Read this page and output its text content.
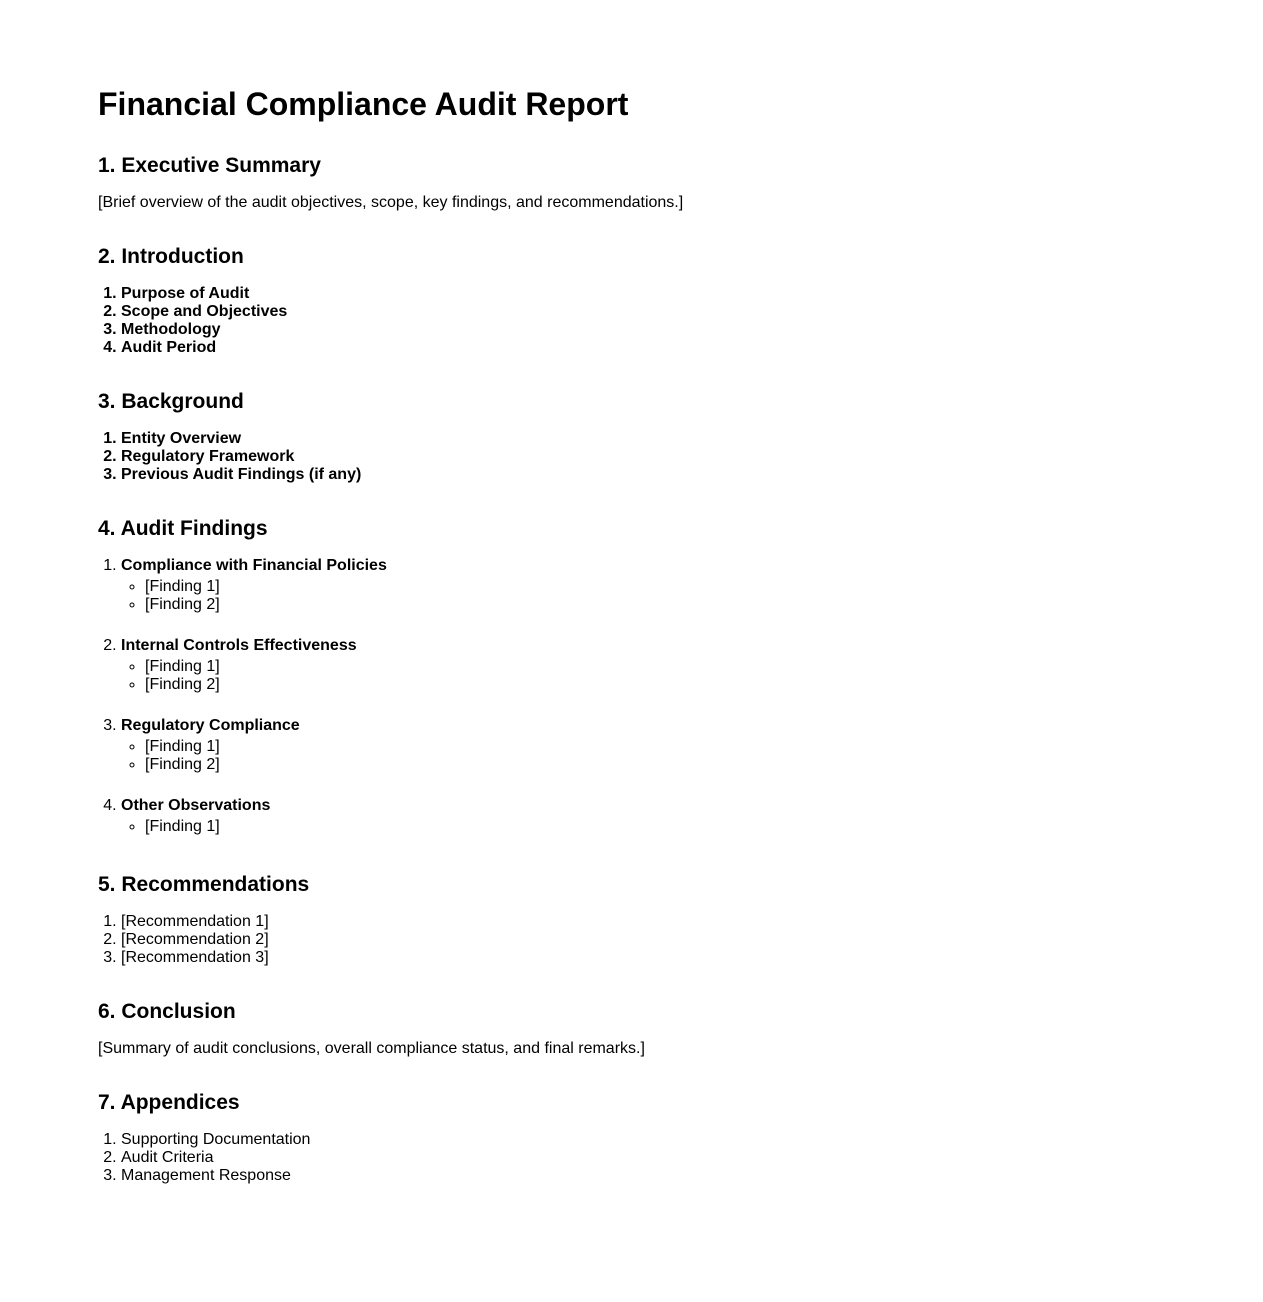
Financial Compliance Audit Report
1. Executive Summary

[Brief overview of the audit objectives, scope, key findings, and recommendations.]

2. Introduction
1. Purpose of Audit
2. Scope and Objectives
3. Methodology
4. Audit Period
3. Background
1. Entity Overview
2. Regulatory Framework
3. Previous Audit Findings (if any)
4. Audit Findings
1. Compliance with Financial Policies
◦ [Finding 1]
◦ [Finding 2]
2. Internal Controls Effectiveness
◦ [Finding 1]
◦ [Finding 2]
3. Regulatory Compliance
◦ [Finding 1]
◦ [Finding 2]
4. Other Observations
◦ [Finding 1]
5. Recommendations
1. [Recommendation 1]
2. [Recommendation 2]
3. [Recommendation 3]
6. Conclusion

[Summary of audit conclusions, overall compliance status, and final remarks.]

7. Appendices
1. Supporting Documentation
2. Audit Criteria
3. Management Response
